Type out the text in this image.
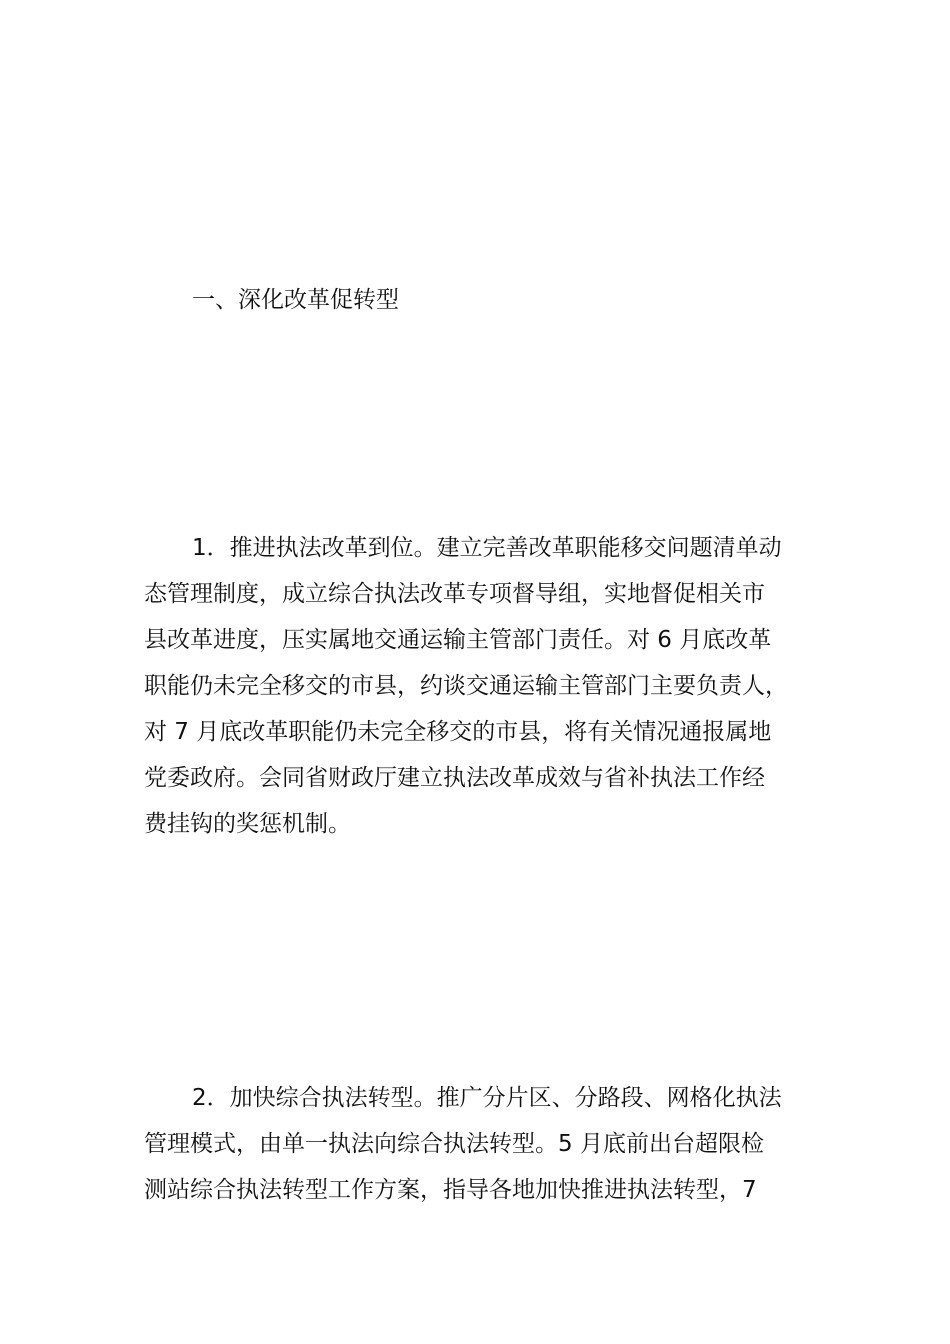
一、深化改革促转型
1．推进执法改革到位。建立完善改革职能移交问题清单动
态管理制度，成立综合执法改革专项督导组，实地督促相关市
县改革进度，压实属地交通运输主管部门责任。对 6 月底改革
职能仍未完全移交的市县，约谈交通运输主管部门主要负责人，
对 7 月底改革职能仍未完全移交的市县，将有关情况通报属地
党委政府。会同省财政厅建立执法改革成效与省补执法工作经
费挂钩的奖惩机制。
2．加快综合执法转型。推广分片区、分路段、网格化执法
管理模式，由单一执法向综合执法转型。5 月底前出台超限检
测站综合执法转型工作方案，指导各地加快推进执法转型，7
